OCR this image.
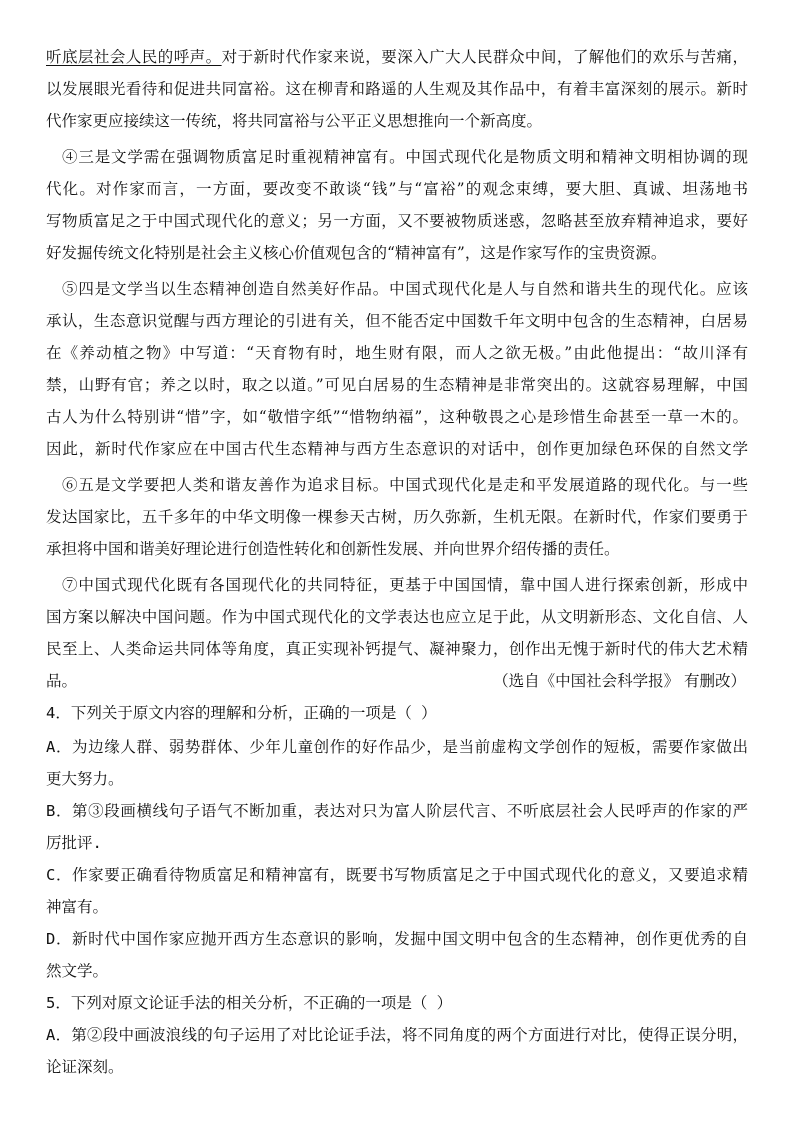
听底层社会人民的呼声。对于新时代作家来说，要深入广大人民群众中间，了解他们的欢乐与苦痛，
以发展眼光看待和促进共同富裕。这在柳青和路遥的人生观及其作品中，有着丰富深刻的展示。新时
代作家更应接续这一传统，将共同富裕与公平正义思想推向一个新高度。
④三是文学需在强调物质富足时重视精神富有。中国式现代化是物质文明和精神文明相协调的现
代化。对作家而言，一方面，要改变不敢谈“钱”与“富裕”的观念束缚，要大胆、真诚、坦荡地书
写物质富足之于中国式现代化的意义；另一方面，又不要被物质迷惑，忽略甚至放弃精神追求，要好
好发掘传统文化特别是社会主义核心价值观包含的“精神富有”，这是作家写作的宝贵资源。
⑤四是文学当以生态精神创造自然美好作品。中国式现代化是人与自然和谐共生的现代化。应该
承认，生态意识觉醒与西方理论的引进有关，但不能否定中国数千年文明中包含的生态精神，白居易
在《养动植之物》中写道：“天育物有时，地生财有限，而人之欲无极。”由此他提出：“故川泽有
禁，山野有官；养之以时，取之以道。”可见白居易的生态精神是非常突出的。这就容易理解，中国
古人为什么特别讲“惜”字，如“敬惜字纸”“惜物纳福”，这种敬畏之心是珍惜生命甚至一草一木的。
因此，新时代作家应在中国古代生态精神与西方生态意识的对话中，创作更加绿色环保的自然文学
⑥五是文学要把人类和谐友善作为追求目标。中国式现代化是走和平发展道路的现代化。与一些
发达国家比，五千多年的中华文明像一棵参天古树，历久弥新，生机无限。在新时代，作家们要勇于
承担将中国和谐美好理论进行创造性转化和创新性发展、并向世界介绍传播的责任。
⑦中国式现代化既有各国现代化的共同特征，更基于中国国情，靠中国人进行探索创新，形成中
国方案以解决中国问题。作为中国式现代化的文学表达也应立足于此，从文明新形态、文化自信、人
民至上、人类命运共同体等角度，真正实现补钙提气、凝神聚力，创作出无愧于新时代的伟大艺术精
品。	（选自《中国社会科学报》 有删改）
4．下列关于原文内容的理解和分析，正确的一项是（ ）
A．为边缘人群、弱势群体、少年儿童创作的好作品少，是当前虚构文学创作的短板，需要作家做出
更大努力。
B．第③段画横线句子语气不断加重，表达对只为富人阶层代言、不听底层社会人民呼声的作家的严
厉批评.
C．作家要正确看待物质富足和精神富有，既要书写物质富足之于中国式现代化的意义，又要追求精
神富有。
D．新时代中国作家应抛开西方生态意识的影响，发掘中国文明中包含的生态精神，创作更优秀的自
然文学。
5．下列对原文论证手法的相关分析，不正确的一项是（ ）
A．第②段中画波浪线的句子运用了对比论证手法，将不同角度的两个方面进行对比，使得正误分明，
论证深刻。
